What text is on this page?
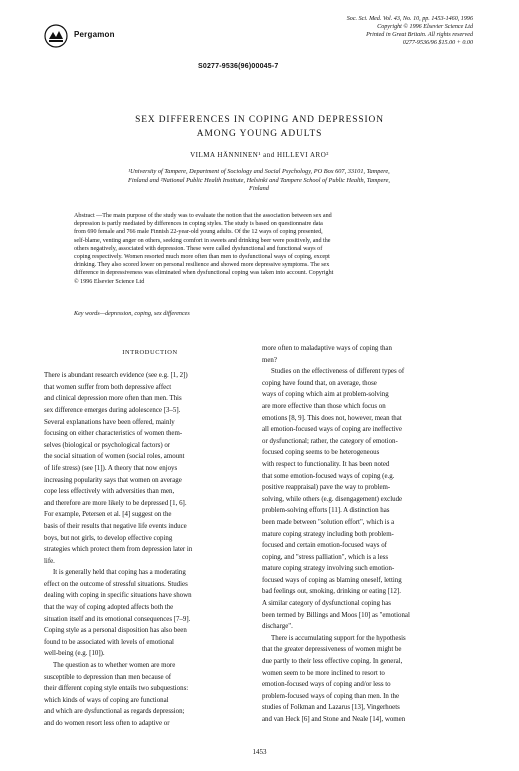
Pergamon
Soc. Sci. Med. Vol. 43, No. 10, pp. 1453-1460, 1996
Copyright © 1996 Elsevier Science Ltd
Printed in Great Britain. All rights reserved
0277-9536/96 $15.00 + 0.00
S0277-9536(96)00045-7
SEX DIFFERENCES IN COPING AND DEPRESSION
AMONG YOUNG ADULTS
VILMA HÄNNINEN¹ and HILLEVI ARO²
¹University of Tampere, Department of Sociology and Social Psychology, PO Box 607, 33101, Tampere,
Finland and ²National Public Health Institute, Helsinki and Tampere School of Public Health, Tampere,
Finland
Abstract —The main purpose of the study was to evaluate the notion that the association between sex and
depression is partly mediated by differences in coping styles. The study is based on questionnaire data
from 690 female and 766 male Finnish 22-year-old young adults. Of the 12 ways of coping presented,
self-blame, venting anger on others, seeking comfort in sweets and drinking beer were positively, and the
others negatively, associated with depression. These were called dysfunctional and functional ways of
coping respectively. Women resorted much more often than men to dysfunctional ways of coping, except
drinking. They also scored lower on personal resilience and showed more depressive symptoms. The sex
difference in depressiveness was eliminated when dysfunctional coping was taken into account. Copyright
© 1996 Elsevier Science Ltd
Key words—depression, coping, sex differences
INTRODUCTION
There is abundant research evidence (see e.g. [1, 2])
that women suffer from both depressive affect
and clinical depression more often than men. This
sex difference emerges during adolescence [3–5].
Several explanations have been offered, mainly
focusing on either characteristics of women them-
selves (biological or psychological factors) or
the social situation of women (social roles, amount
of life stress) (see [1]). A theory that now enjoys
increasing popularity says that women on average
cope less effectively with adversities than men,
and therefore are more likely to be depressed [1, 6].
For example, Petersen et al. [4] suggest on the
basis of their results that negative life events induce
boys, but not girls, to develop effective coping
strategies which protect them from depression later in
life.
It is generally held that coping has a moderating
effect on the outcome of stressful situations. Studies
dealing with coping in specific situations have shown
that the way of coping adopted affects both the
situation itself and its emotional consequences [7–9].
Coping style as a personal disposition has also been
found to be associated with levels of emotional
well-being (e.g. [10]).
The question as to whether women are more
susceptible to depression than men because of
their different coping style entails two subquestions:
which kinds of ways of coping are functional
and which are dysfunctional as regards depression;
and do women resort less often to adaptive or
more often to maladaptive ways of coping than
men?
Studies on the effectiveness of different types of
coping have found that, on average, those
ways of coping which aim at problem-solving
are more effective than those which focus on
emotions [8, 9]. This does not, however, mean that
all emotion-focused ways of coping are ineffective
or dysfunctional; rather, the category of emotion-
focused coping seems to be heterogeneous
with respect to functionality. It has been noted
that some emotion-focused ways of coping (e.g.
positive reappraisal) pave the way to problem-
solving, while others (e.g. disengagement) exclude
problem-solving efforts [11]. A distinction has
been made between "solution effort", which is a
mature coping strategy including both problem-
focused and certain emotion-focused ways of
coping, and "stress palliation", which is a less
mature coping strategy involving such emotion-
focused ways of coping as blaming oneself, letting
bad feelings out, smoking, drinking or eating [12].
A similar category of dysfunctional coping has
been termed by Billings and Moos [10] as "emotional
discharge".
There is accumulating support for the hypothesis
that the greater depressiveness of women might be
due partly to their less effective coping. In general,
women seem to be more inclined to resort to
emotion-focused ways of coping and/or less to
problem-focused ways of coping than men. In the
studies of Folkman and Lazarus [13], Vingerhoets
and van Heck [6] and Stone and Neale [14], women
1453
